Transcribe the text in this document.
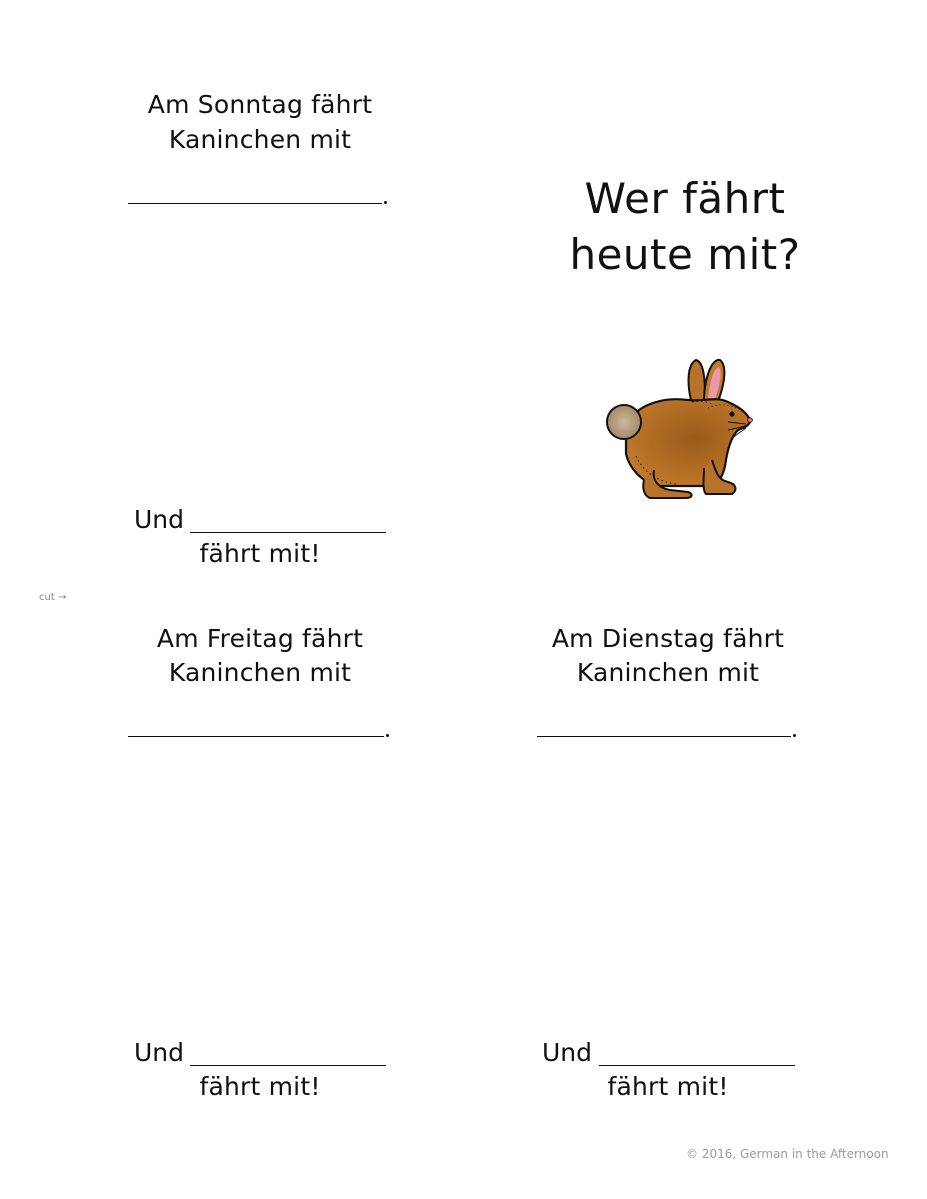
Am Sonntag fährt
Kaninchen mit
Und
fährt mit!
Wer fährt
heute mit?
cut →
Am Freitag fährt
Kaninchen mit
Und
fährt mit!
Am Dienstag fährt
Kaninchen mit
Und
fährt mit!
© 2016, German in the Afternoon
